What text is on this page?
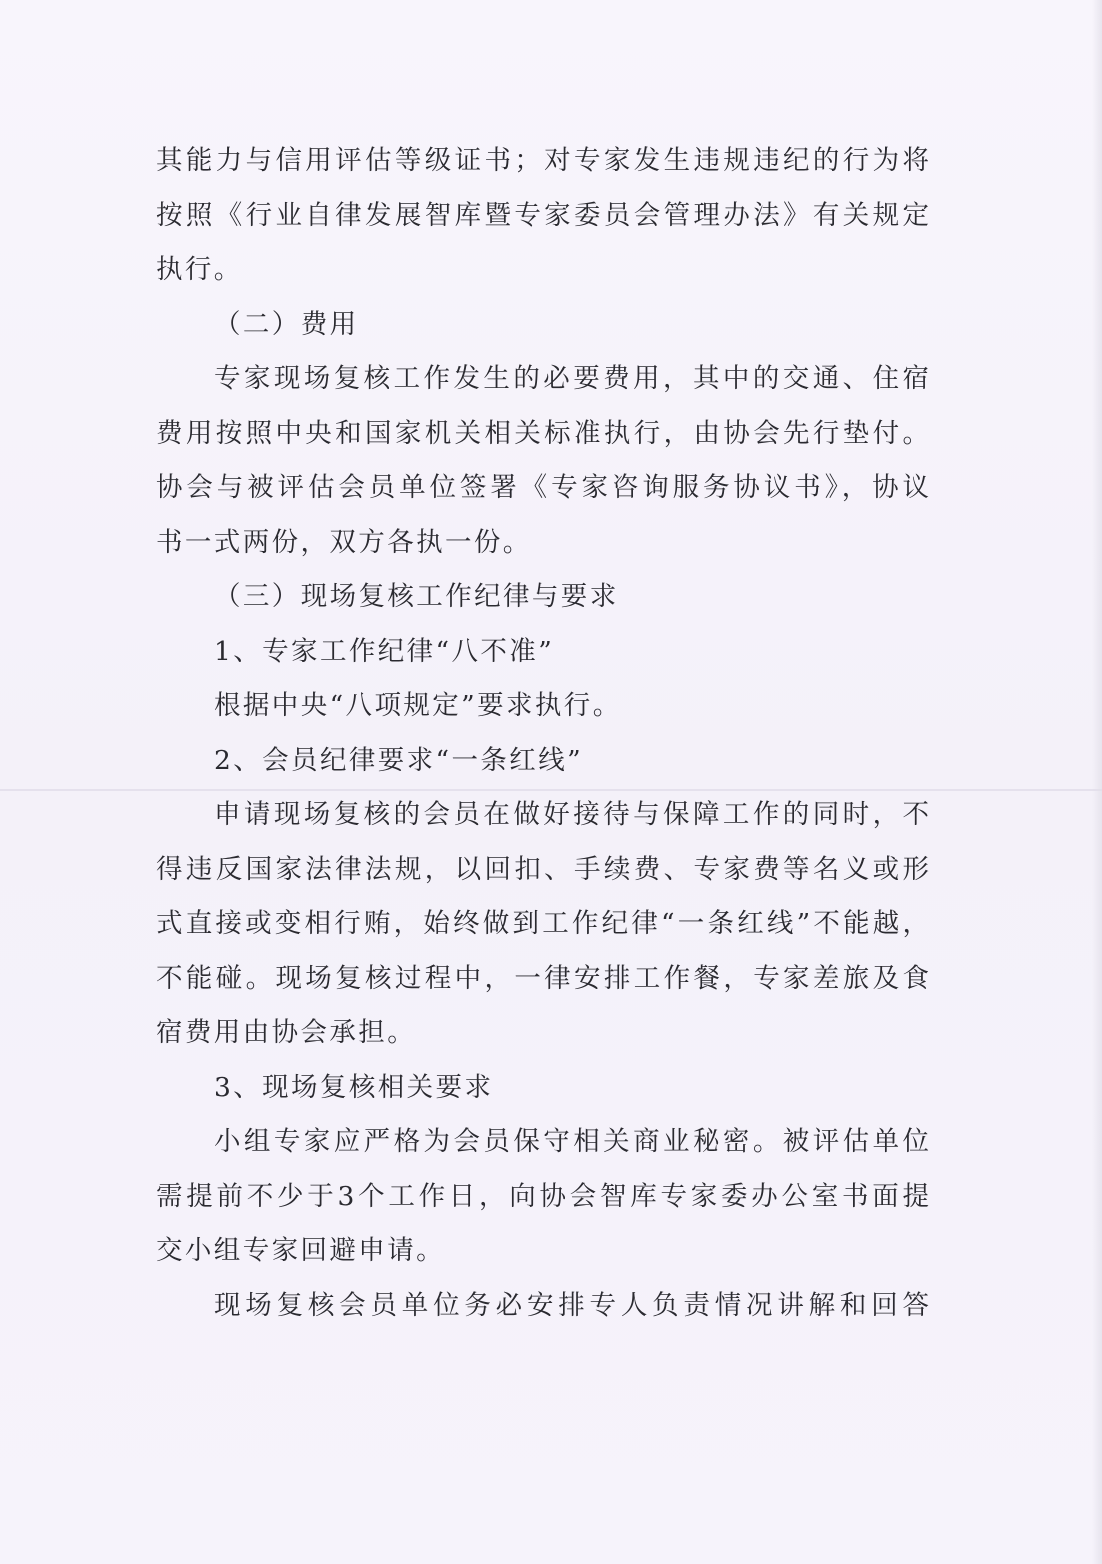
其能力与信用评估等级证书；对专家发生违规违纪的行为将
按照《行业自律发展智库暨专家委员会管理办法》有关规定
执行。
（二）费用
专家现场复核工作发生的必要费用，其中的交通、住宿
费用按照中央和国家机关相关标准执行，由协会先行垫付。
协会与被评估会员单位签署《专家咨询服务协议书》，协议
书一式两份，双方各执一份。
（三）现场复核工作纪律与要求
1、专家工作纪律“八不准”
根据中央“八项规定”要求执行。
2、会员纪律要求“一条红线”
申请现场复核的会员在做好接待与保障工作的同时，不
得违反国家法律法规，以回扣、手续费、专家费等名义或形
式直接或变相行贿，始终做到工作纪律“一条红线”不能越，
不能碰。现场复核过程中，一律安排工作餐，专家差旅及食
宿费用由协会承担。
3、现场复核相关要求
小组专家应严格为会员保守相关商业秘密。被评估单位
需提前不少于3个工作日，向协会智库专家委办公室书面提
交小组专家回避申请。
现场复核会员单位务必安排专人负责情况讲解和回答
